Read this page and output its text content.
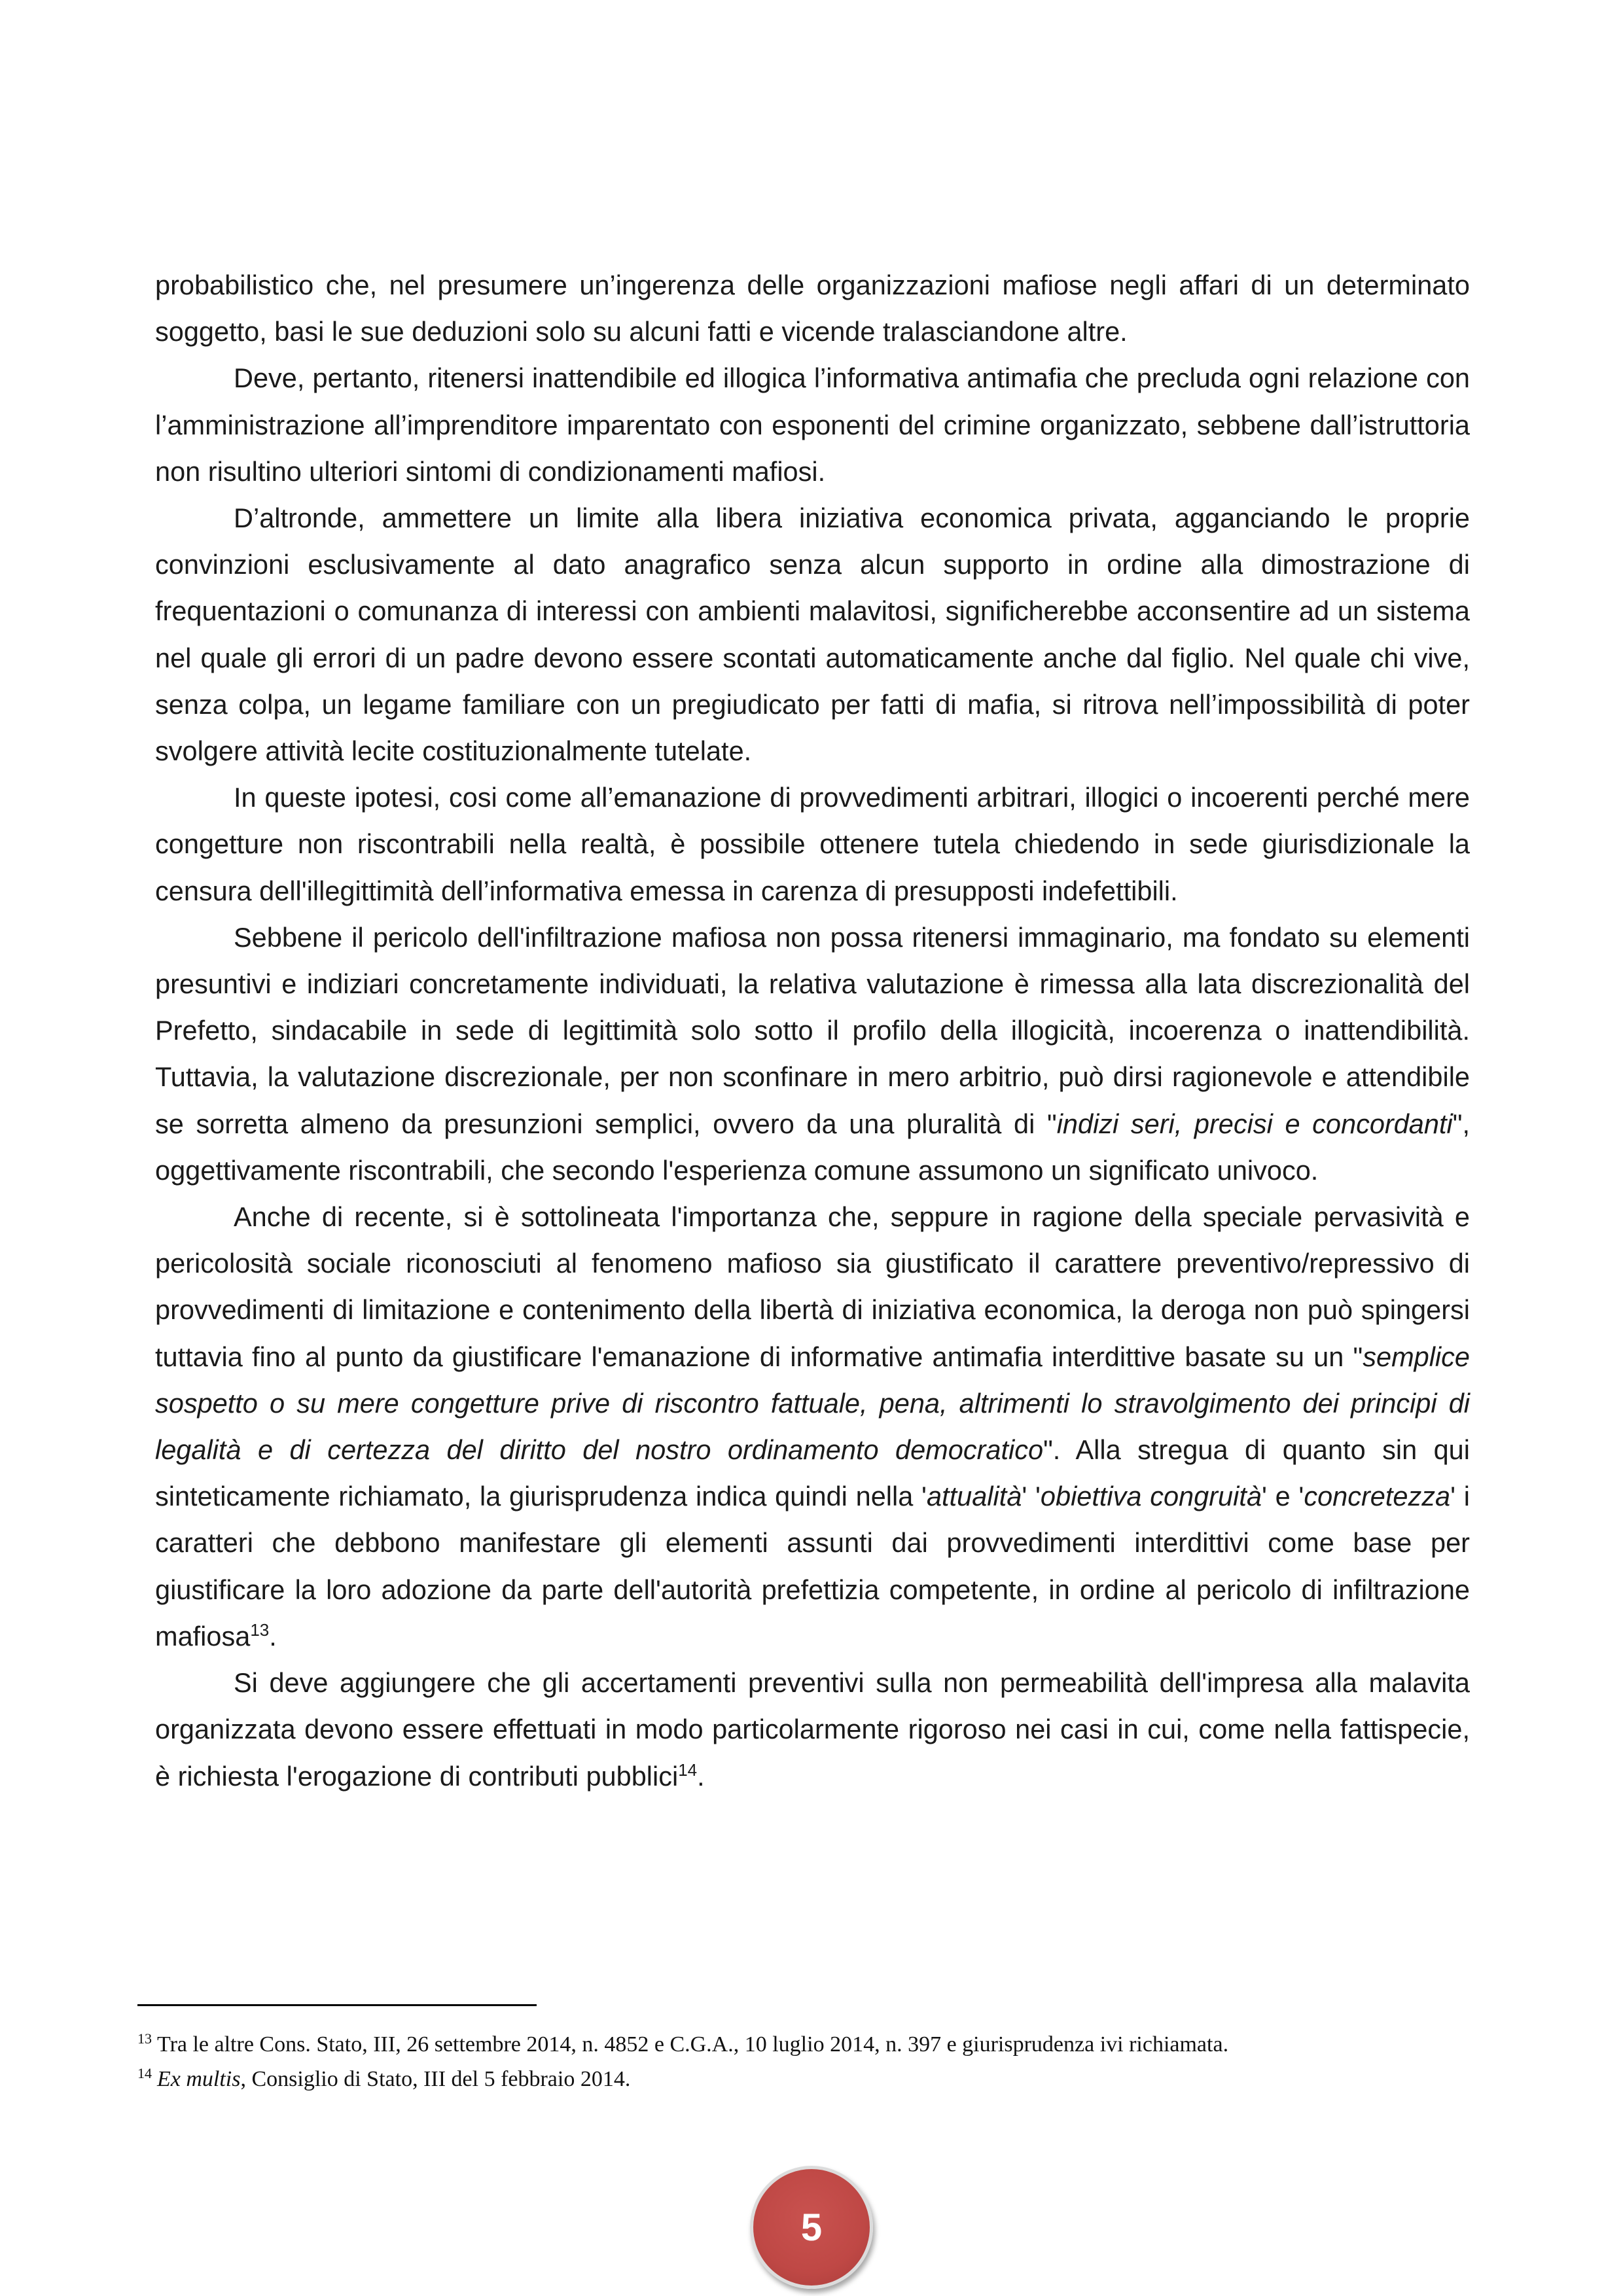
probabilistico che, nel presumere un’ingerenza delle organizzazioni mafiose negli affari di un determinato soggetto, basi le sue deduzioni solo su alcuni fatti e vicende tralasciandone altre.

Deve, pertanto, ritenersi inattendibile ed illogica l’informativa antimafia che precluda ogni relazione con l’amministrazione all’imprenditore imparentato con esponenti del crimine organizzato, sebbene dall’istruttoria non risultino ulteriori sintomi di condizionamenti mafiosi.

D’altronde, ammettere un limite alla libera iniziativa economica privata, agganciando le proprie convinzioni esclusivamente al dato anagrafico senza alcun supporto in ordine alla dimostrazione di frequentazioni o comunanza di interessi con ambienti malavitosi, significherebbe acconsentire ad un sistema nel quale gli errori di un padre devono essere scontati automaticamente anche dal figlio. Nel quale chi vive, senza colpa, un legame familiare con un pregiudicato per fatti di mafia, si ritrova nell’impossibilità di poter svolgere attività lecite costituzionalmente tutelate.

In queste ipotesi, cosi come all’emanazione di provvedimenti arbitrari, illogici o incoerenti perché mere congetture non riscontrabili nella realtà, è possibile ottenere tutela chiedendo in sede giurisdizionale la censura dell'illegittimità dell’informativa emessa in carenza di presupposti indefettibili.

Sebbene il pericolo dell'infiltrazione mafiosa non possa ritenersi immaginario, ma fondato su elementi presuntivi e indiziari concretamente individuati, la relativa valutazione è rimessa alla lata discrezionalità del Prefetto, sindacabile in sede di legittimità solo sotto il profilo della illogicità, incoerenza o inattendibilità. Tuttavia, la valutazione discrezionale, per non sconfinare in mero arbitrio, può dirsi ragionevole e attendibile se sorretta almeno da presunzioni semplici, ovvero da una pluralità di "indizi seri, precisi e concordanti", oggettivamente riscontrabili, che secondo l'esperienza comune assumono un significato univoco.

Anche di recente, si è sottolineata l'importanza che, seppure in ragione della speciale pervasività e pericolosità sociale riconosciuti al fenomeno mafioso sia giustificato il carattere preventivo/repressivo di provvedimenti di limitazione e contenimento della libertà di iniziativa economica, la deroga non può spingersi tuttavia fino al punto da giustificare l'emanazione di informative antimafia interdittive basate su un "semplice sospetto o su mere congetture prive di riscontro fattuale, pena, altrimenti lo stravolgimento dei principi di legalità e di certezza del diritto del nostro ordinamento democratico". Alla stregua di quanto sin qui sinteticamente richiamato, la giurisprudenza indica quindi nella 'attualità' 'obiettiva congruità' e 'concretezza' i caratteri che debbono manifestare gli elementi assunti dai provvedimenti interdittivi come base per giustificare la loro adozione da parte dell'autorità prefettizia competente, in ordine al pericolo di infiltrazione mafiosa$^{13}$.

Si deve aggiungere che gli accertamenti preventivi sulla non permeabilità dell'impresa alla malavita organizzata devono essere effettuati in modo particolarmente rigoroso nei casi in cui, come nella fattispecie, è richiesta l'erogazione di contributi pubblici$^{14}$.

$^{13}$ Tra le altre Cons. Stato, III, 26 settembre 2014, n. 4852 e C.G.A., 10 luglio 2014, n. 397 e giurisprudenza ivi richiamata.

$^{14}$ Ex multis, Consiglio di Stato, III del 5 febbraio 2014.

5
